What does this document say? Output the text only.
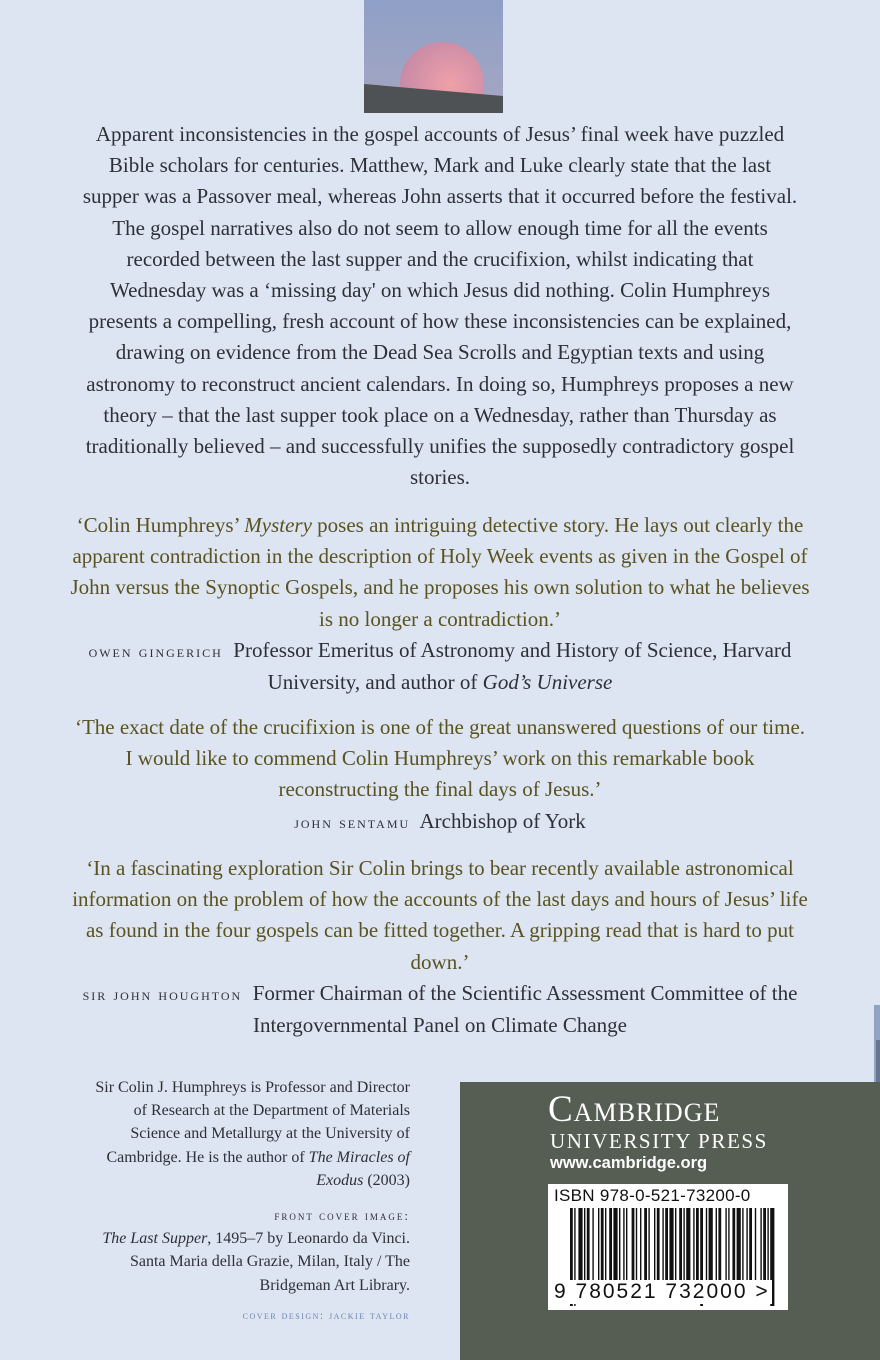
Apparent inconsistencies in the gospel accounts of Jesus’ final week have puzzled Bible scholars for centuries. Matthew, Mark and Luke clearly state that the last supper was a Passover meal, whereas John asserts that it occurred before the festival. The gospel narratives also do not seem to allow enough time for all the events recorded between the last supper and the crucifixion, whilst indicating that Wednesday was a ‘missing day' on which Jesus did nothing. Colin Humphreys presents a compelling, fresh account of how these inconsistencies can be explained, drawing on evidence from the Dead Sea Scrolls and Egyptian texts and using astronomy to reconstruct ancient calendars. In doing so, Humphreys proposes a new theory – that the last supper took place on a Wednesday, rather than Thursday as traditionally believed – and successfully unifies the supposedly contradictory gospel stories.
‘Colin Humphreys’ Mystery poses an intriguing detective story. He lays out clearly the apparent contradiction in the description of Holy Week events as given in the Gospel of John versus the Synoptic Gospels, and he proposes his own solution to what he believes is no longer a contradiction.’
owen gingerich Professor Emeritus of Astronomy and History of Science, Harvard University, and author of God’s Universe
‘The exact date of the crucifixion is one of the great unanswered questions of our time. I would like to commend Colin Humphreys’ work on this remarkable book reconstructing the final days of Jesus.’
john sentamu Archbishop of York
‘In a fascinating exploration Sir Colin brings to bear recently available astronomical information on the problem of how the accounts of the last days and hours of Jesus’ life as found in the four gospels can be fitted together. A gripping read that is hard to put down.’
sir john houghton Former Chairman of the Scientific Assessment Committee of the Intergovernmental Panel on Climate Change
Sir Colin J. Humphreys is Professor and Director of Research at the Department of Materials Science and Metallurgy at the University of Cambridge. He is the author of The Miracles of Exodus (2003)
front cover image:
The Last Supper, 1495–7 by Leonardo da Vinci. Santa Maria della Grazie, Milan, Italy / The Bridgeman Art Library.
cover design: jackie taylor
Cambridge
UNIVERSITY PRESS
www.cambridge.org
ISBN 978-0-521-73200-0
9 780521 732000 >
